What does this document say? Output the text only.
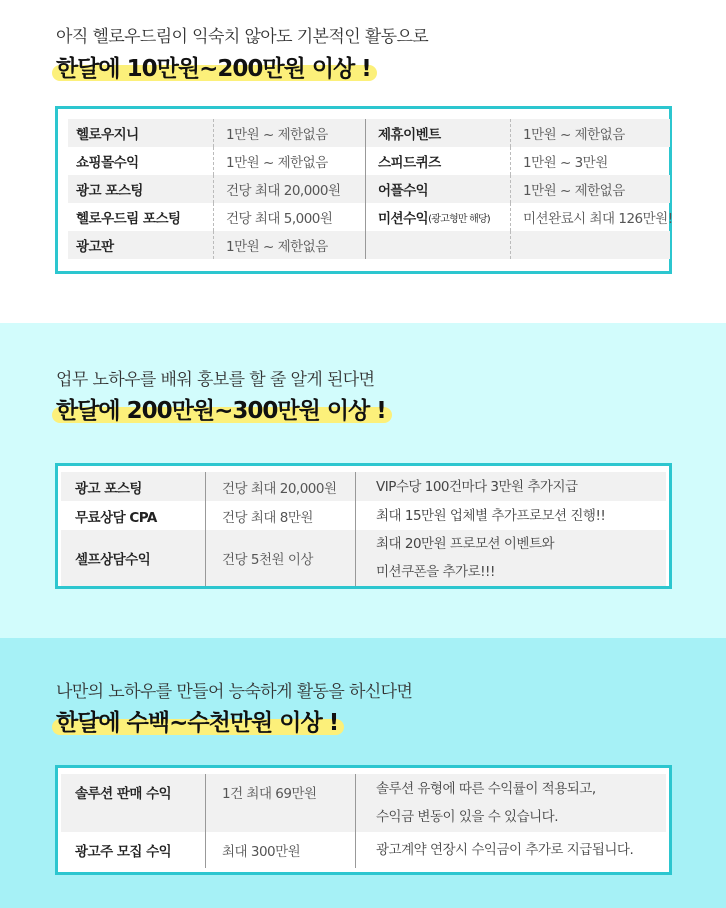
아직 헬로우드림이 익숙치 않아도 기본적인 활동으로
한달에 10만원~200만원 이상 !
헬로우지니	1만원 ~ 제한없음	제휴이벤트	1만원 ~ 제한없음
쇼핑몰수익	1만원 ~ 제한없음	스피드퀴즈	1만원 ~ 3만원
광고 포스팅	건당 최대 20,000원	어플수익	1만원 ~ 제한없음
헬로우드림 포스팅	건당 최대 5,000원	미션수익 (광고형만 해당)	미션완료시 최대 126만원!
광고판	1만원 ~ 제한없음
업무 노하우를 배워 홍보를 할 줄 알게 된다면
한달에 200만원~300만원 이상 !
광고 포스팅	건당 최대 20,000원	VIP수당 100건마다 3만원 추가지급
무료상담 CPA	건당 최대 8만원	최대 15만원 업체별 추가프로모션 진행!!
셀프상담수익	건당 5천원 이상
최대 20만원 프로모션 이벤트와
미션쿠폰을 추가로!!!
나만의 노하우를 만들어 능숙하게 활동을 하신다면
한달에 수백~수천만원 이상 !
솔루션 판매 수익	1건 최대 69만원	솔루션 유형에 따른 수익률이 적용되고,
수익금 변동이 있을 수 있습니다.
광고주 모집 수익	최대 300만원	광고계약 연장시 수익금이 추가로 지급됩니다.
